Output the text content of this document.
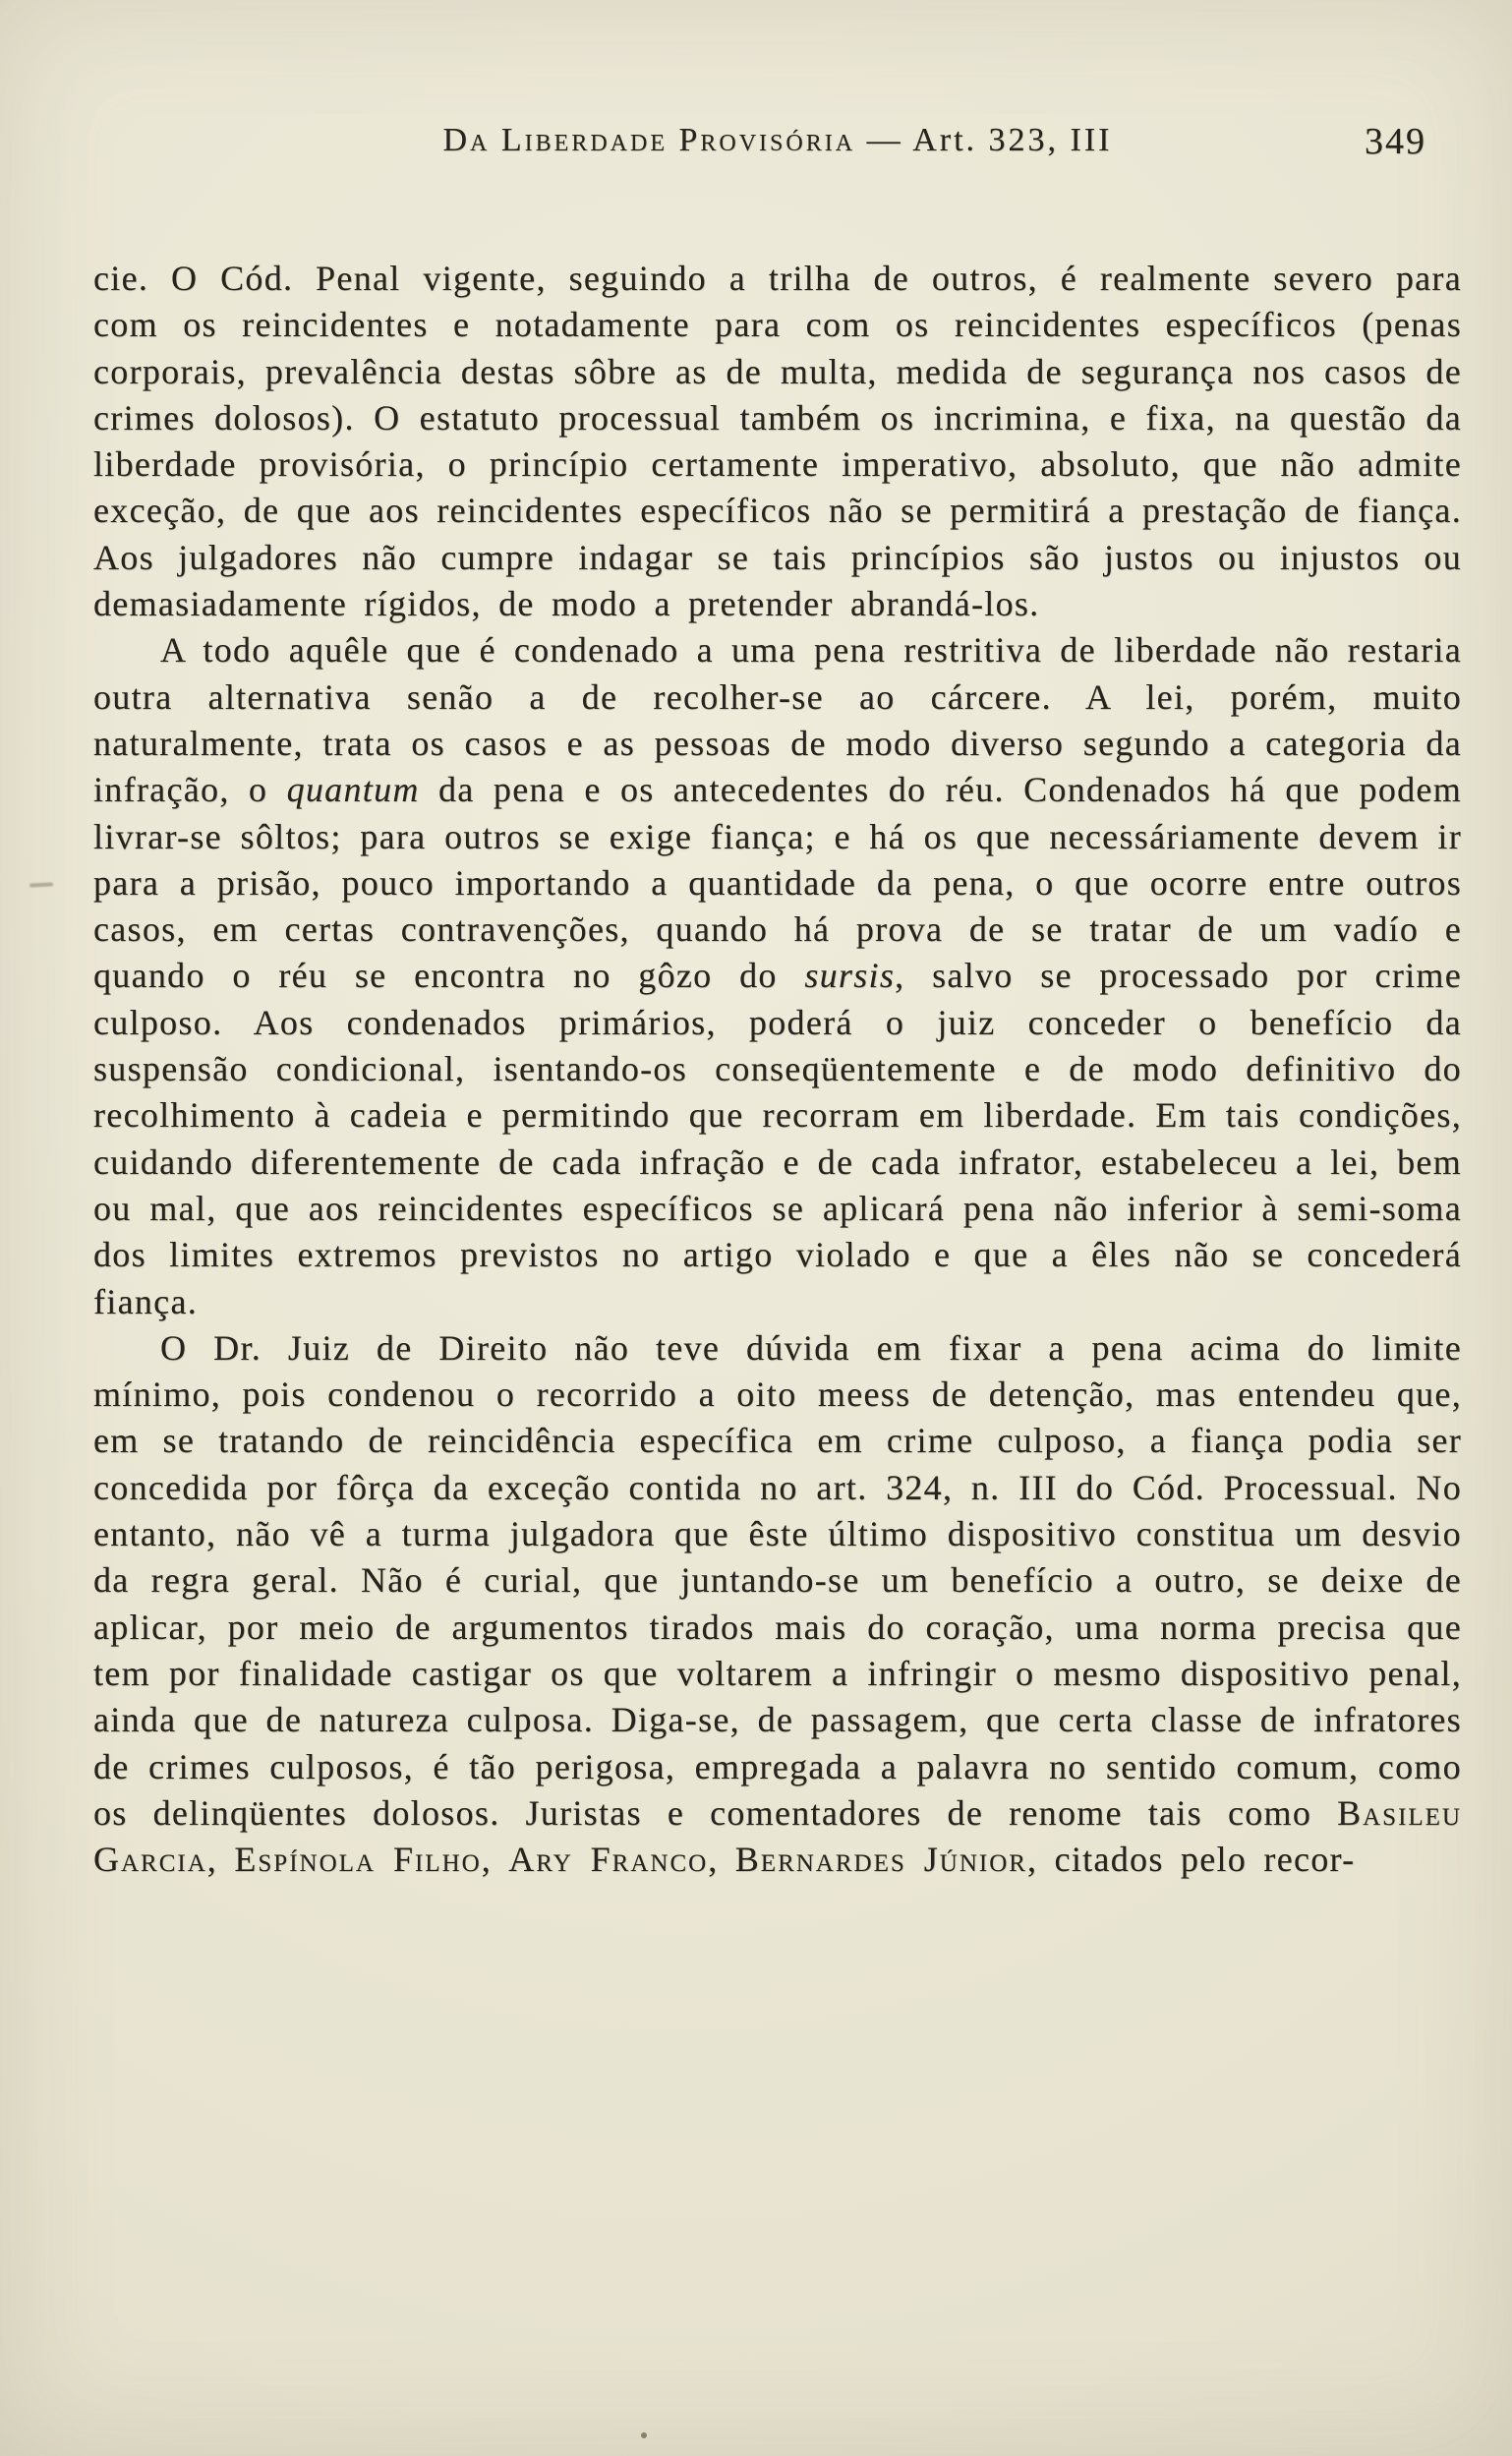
Da Liberdade Provisória — Art. 323, III	349

cie. O Cód. Penal vigente, seguindo a trilha de outros, é realmente severo para com os reincidentes e notadamente para com os reincidentes específicos (penas corporais, prevalência destas sôbre as de multa, medida de segurança nos casos de crimes dolosos). O estatuto processual também os incrimina, e fixa, na questão da liberdade provisória, o princípio certamente imperativo, absoluto, que não admite exceção, de que aos reincidentes específicos não se permitirá a prestação de fiança. Aos julgadores não cumpre indagar se tais princípios são justos ou injustos ou demasiadamente rígidos, de modo a pretender abrandá-los.

A todo aquêle que é condenado a uma pena restritiva de liberdade não restaria outra alternativa senão a de recolher-se ao cárcere. A lei, porém, muito naturalmente, trata os casos e as pessoas de modo diverso segundo a categoria da infração, o quantum da pena e os antecedentes do réu. Condenados há que podem livrar-se sôltos; para outros se exige fiança; e há os que necessáriamente devem ir para a prisão, pouco importando a quantidade da pena, o que ocorre entre outros casos, em certas contravenções, quando há prova de se tratar de um vadío e quando o réu se encontra no gôzo do sursis, salvo se processado por crime culposo. Aos condenados primários, poderá o juiz conceder o benefício da suspensão condicional, isentando-os conseqüentemente e de modo definitivo do recolhimento à cadeia e permitindo que recorram em liberdade. Em tais condições, cuidando diferentemente de cada infração e de cada infrator, estabeleceu a lei, bem ou mal, que aos reincidentes específicos se aplicará pena não inferior à semi-soma dos limites extremos previstos no artigo violado e que a êles não se concederá fiança.

O Dr. Juiz de Direito não teve dúvida em fixar a pena acima do limite mínimo, pois condenou o recorrido a oito meess de detenção, mas entendeu que, em se tratando de reincidência específica em crime culposo, a fiança podia ser concedida por fôrça da exceção contida no art. 324, n. III do Cód. Processual. No entanto, não vê a turma julgadora que êste último dispositivo constitua um desvio da regra geral. Não é curial, que juntando-se um benefício a outro, se deixe de aplicar, por meio de argumentos tirados mais do coração, uma norma precisa que tem por finalidade castigar os que voltarem a infringir o mesmo dispositivo penal, ainda que de natureza culposa. Diga-se, de passagem, que certa classe de infratores de crimes culposos, é tão perigosa, empregada a palavra no sentido comum, como os delinqüentes dolosos. Juristas e comentadores de renome tais como Basileu Garcia, Espínola Filho, Ary Franco, Bernardes Júnior, citados pelo recor-
